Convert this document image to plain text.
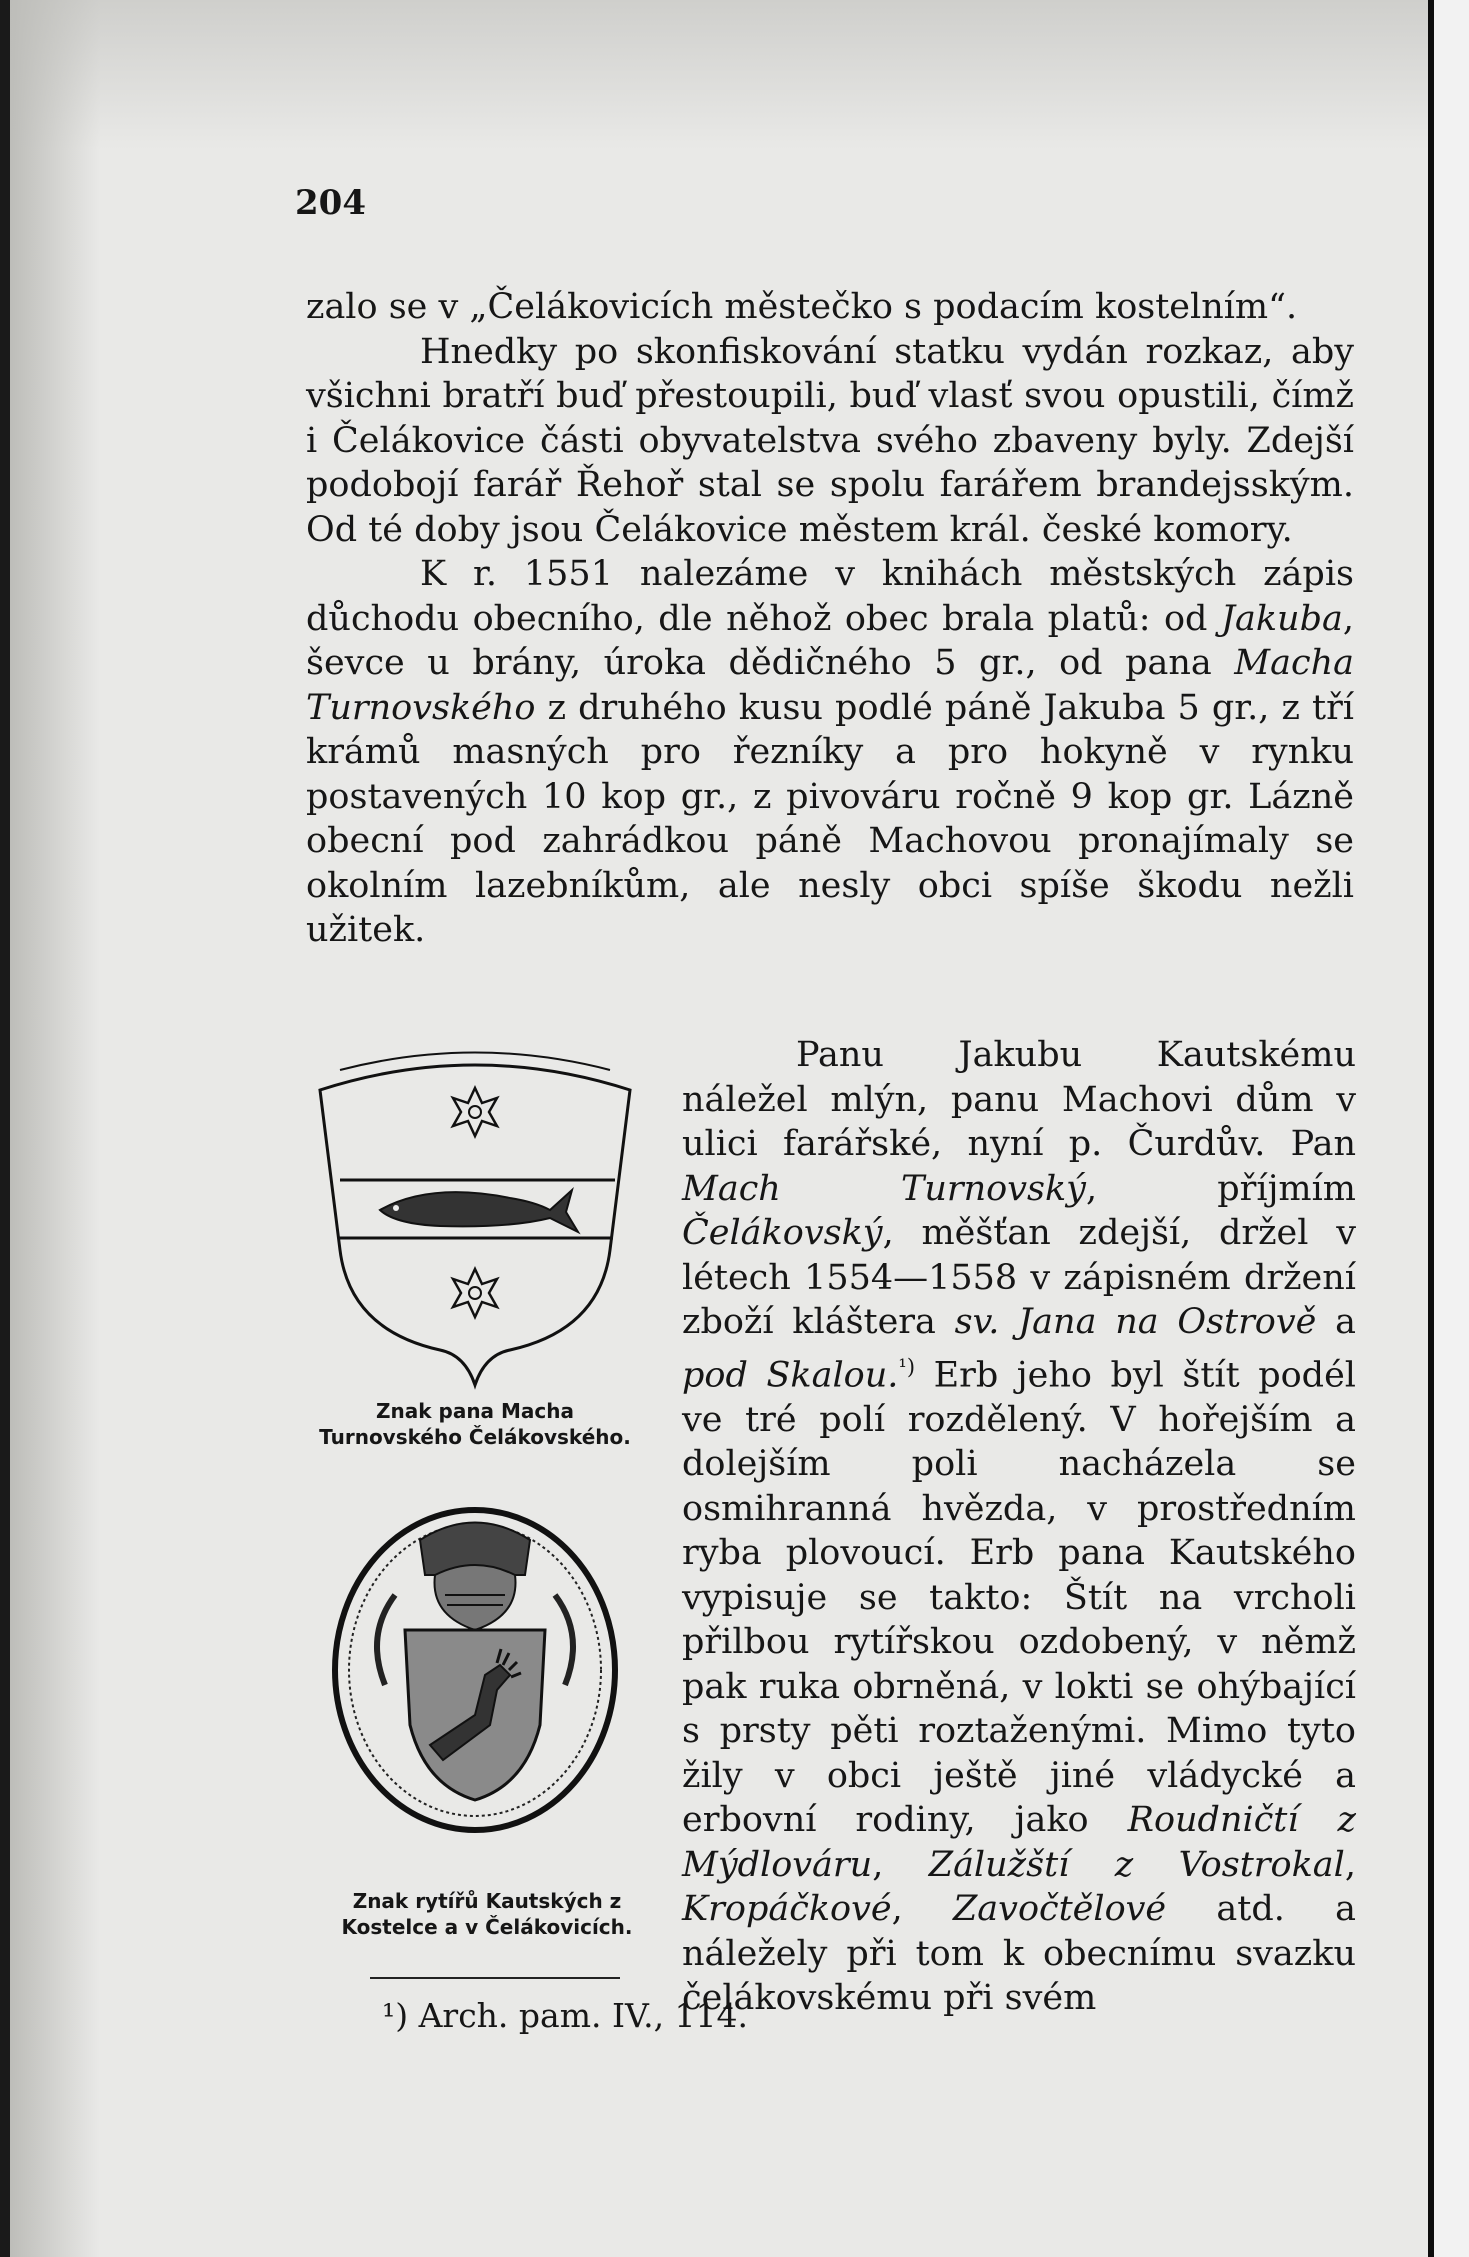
204

zalo se v „Čelákovicích městečko s podacím kostelním“.

Hnedky po skonfiskování statku vydán rozkaz, aby všichni bratří buď přestoupili, buď vlasť svou opustili, čímž i Čelákovice části obyvatelstva svého zbaveny byly. Zdejší podobojí farář Řehoř stal se spolu farářem brandejsským. Od té doby jsou Čelákovice městem král. české komory.

K r. 1551 nalezáme v knihách městských zápis důchodu obecního, dle něhož obec brala platů: od Jakuba, ševce u brány, úroka dědičného 5 gr., od pana Macha Turnovského z druhého kusu podlé páně Jakuba 5 gr., z tří krámů masných pro řezníky a pro hokyně v rynku postavených 10 kop gr., z pivováru ročně 9 kop gr. Lázně obecní pod zahrádkou páně Machovou pronajímaly se okolním lazebníkům, ale nesly obci spíše škodu nežli užitek.

Znak pana Macha Turnovského Čelákovského.
Znak rytířů Kautských z Kostelce a v Čelákovicích.

Panu Jakubu Kautskému náležel mlýn, panu Machovi dům v ulici farářské, nyní p. Čurdův. Pan Mach Turnovský, příjmím Čelákovský, měšťan zdejší, držel v létech 1554—1558 v zápisném držení zboží kláštera sv. Jana na Ostrově a pod Skalou.$^{^1)}$ Erb jeho byl štít podél ve tré polí rozdělený. V hořejším a dolejším poli nacházela se osmihranná hvězda, v prostředním ryba plovoucí. Erb pana Kautského vypisuje se takto: Štít na vrcholi přilbou rytířskou ozdobený, v němž pak ruka obrněná, v lokti se ohýbající s prsty pěti roztaženými. Mimo tyto žily v obci ještě jiné vládycké a erbovní rodiny, jako Roudničtí z Mýdlováru, Zálužští z Vostrokal, Kropáčkové, Zavočtělové atd. a náležely při tom k obecnímu svazku čelákovskému při svém

¹) Arch. pam. IV., 114.
